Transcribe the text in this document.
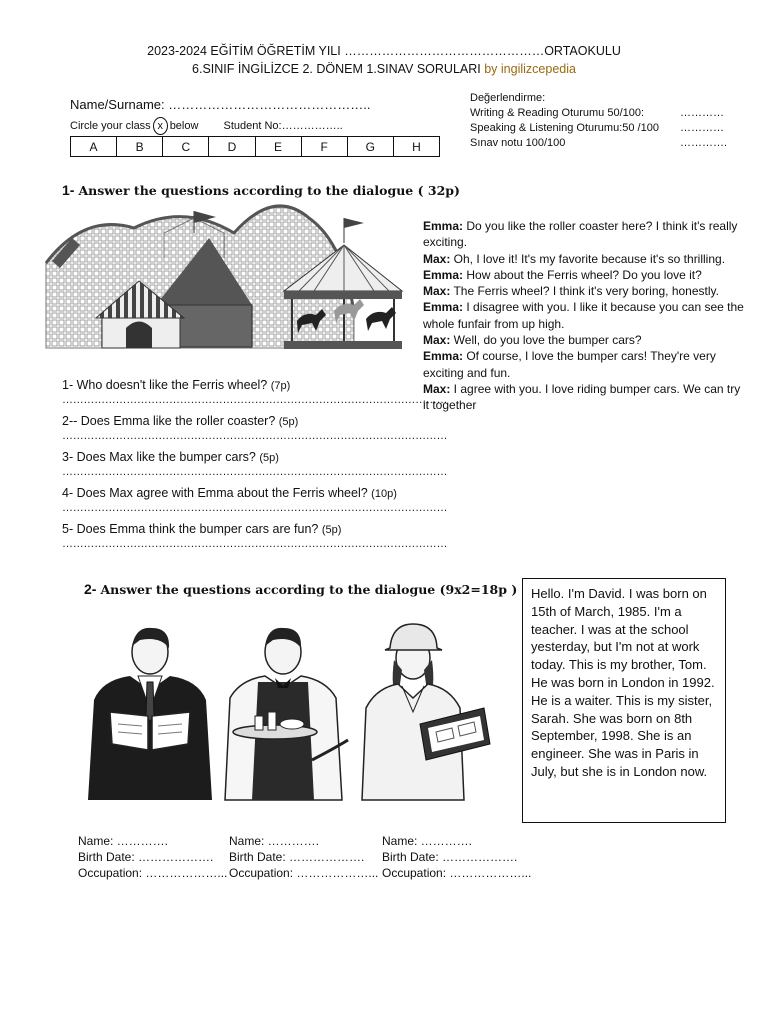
2023-2024 EĞİTİM ÖĞRETİM YILI …………………………………………ORTAOKULU
6.SINIF İNGİLİZCE 2. DÖNEM 1.SINAV SORULARI by ingilizcepedia
Name/Surname: ………………………………………..
Circle your class x below Student No:……………..
A	B	C	D	E	F	G	H
Değerlendirme:
Writing & Reading Oturumu 50/100:	…………
Speaking & Listening Oturumu:50 /100	…………
Sınav notu 100/100	………….
1- Answer the questions according to the dialogue ( 32p)
Emma: Do you like the roller coaster here? I think it's really exciting.
Max: Oh, I love it! It's my favorite because it's so thrilling.
Emma: How about the Ferris wheel? Do you love it?
Max: The Ferris wheel? I think it's very boring, honestly.
Emma: I disagree with you. I like it because you can see the whole funfair from up high.
Max: Well, do you love the bumper cars?
Emma: Of course, I love the bumper cars! They're very exciting and fun.
Max: I agree with you. I love riding bumper cars. We can try it together
1- Who doesn't like the Ferris wheel? (7p)
………………………………………………………………………………………………
2-- Does Emma like the roller coaster? (5p)
………………………………………………………………………………………………
3- Does Max like the bumper cars? (5p)
………………………………………………………………………………………………
4- Does Max agree with Emma about the Ferris wheel? (10p)
………………………………………………………………………………………………
5- Does Emma think the bumper cars are fun? (5p)
………………………………………………………………………………………………
2- Answer the questions according to the dialogue (9x2=18p )	Hello. I'm David. I was born on 15th of March, 1985. I'm a teacher. I was at the school yesterday, but I'm not at work today. This is my brother, Tom. He was born in London in 1992. He is a waiter. This is my sister, Sarah. She was born on 8th September, 1998. She is an engineer. She was in Paris in July, but she is in London now.
Name: ………….
Birth Date: ……………….
Occupation: ………………...
Name: ………….
Birth Date: ……………….
Occupation: ………………...
Name: ………….
Birth Date: ……………….
Occupation: ………………...
